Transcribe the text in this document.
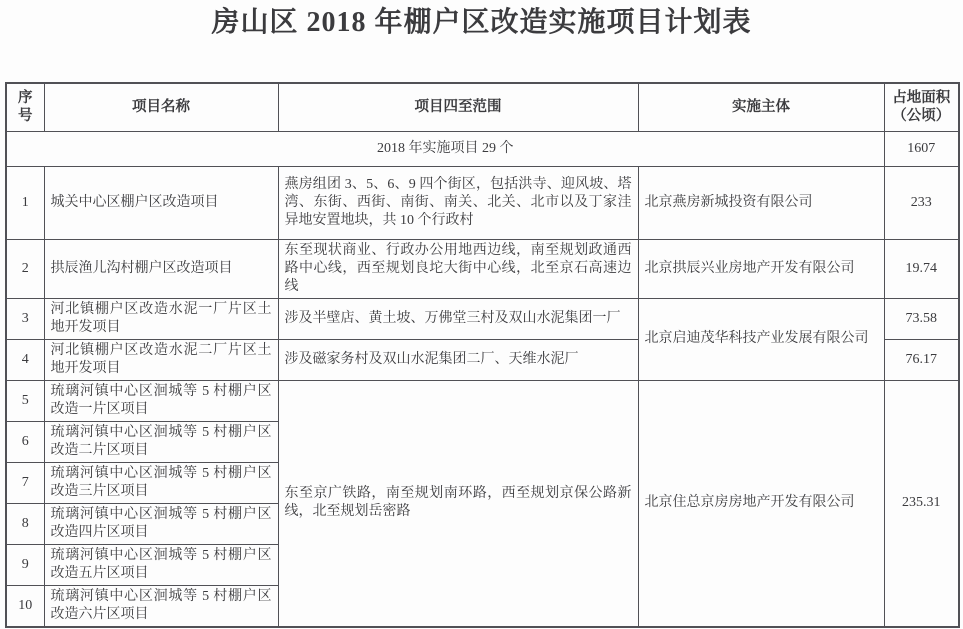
房山区 2018 年棚户区改造实施项目计划表
序号	项目名称	项目四至范围	实施主体	占地面积
（公顷）
2018 年实施项目 29 个				1607
1	城关中心区棚户区改造项目	燕房组团 3、5、6、9 四个街区，包括洪寺、迎风坡、塔湾、东街、西街、南街、南关、北关、北市以及丁家洼异地安置地块，共 10 个行政村	北京燕房新城投资有限公司	233
2	拱辰渔儿沟村棚户区改造项目	东至现状商业、行政办公用地西边线，南至规划政通西路中心线，西至规划良坨大街中心线，北至京石高速边线	北京拱辰兴业房地产开发有限公司	19.74
3	河北镇棚户区改造水泥一厂片区土地开发项目	涉及半壁店、黄土坡、万佛堂三村及双山水泥集团一厂	北京启迪茂华科技产业发展有限公司	73.58
4	河北镇棚户区改造水泥二厂片区土地开发项目	涉及磁家务村及双山水泥集团二厂、天维水泥厂		76.17
5	琉璃河镇中心区洄城等 5 村棚户区改造一片区项目	东至京广铁路，南至规划南环路，西至规划京保公路新线，北至规划岳密路	北京住总京房房地产开发有限公司	235.31
6	琉璃河镇中心区洄城等 5 村棚户区改造二片区项目			
7	琉璃河镇中心区洄城等 5 村棚户区改造三片区项目			
8	琉璃河镇中心区洄城等 5 村棚户区改造四片区项目			
9	琉璃河镇中心区洄城等 5 村棚户区改造五片区项目			
10	琉璃河镇中心区洄城等 5 村棚户区改造六片区项目			
